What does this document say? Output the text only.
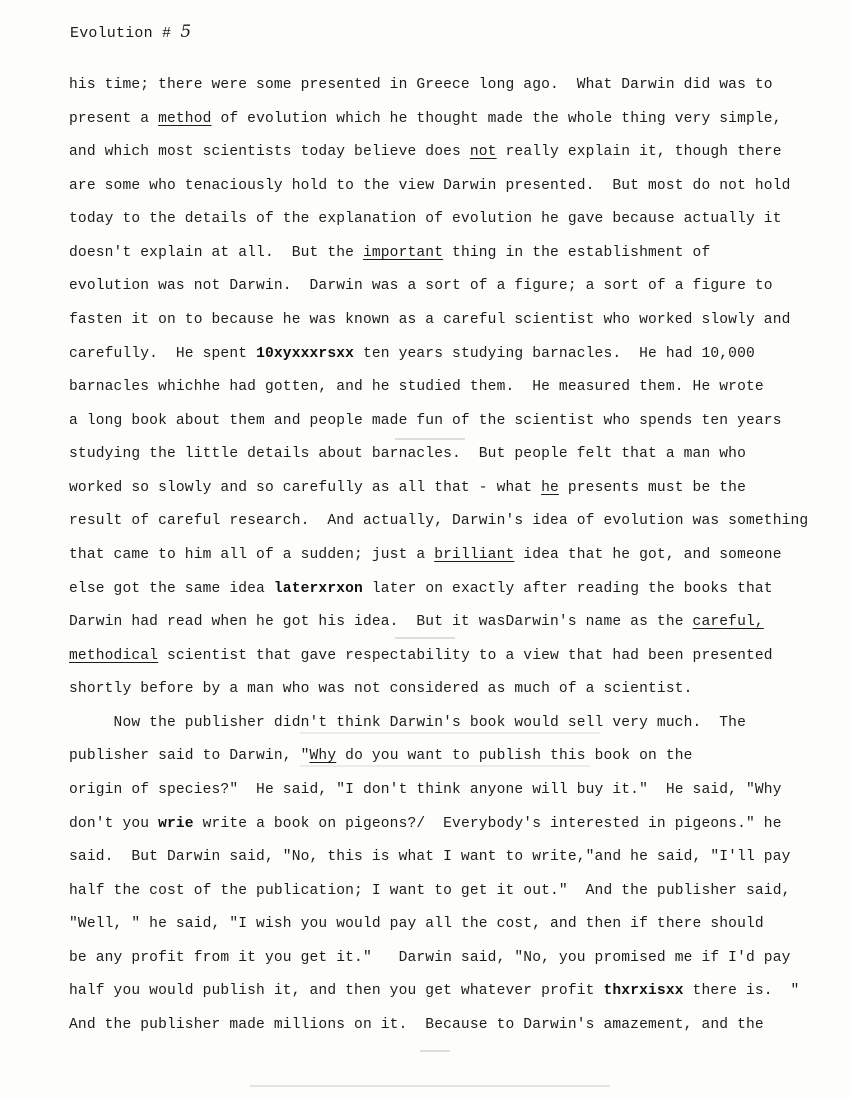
Evolution # 5
his time; there were some presented in Greece long ago.  What Darwin did was to
present a method of evolution which he thought made the whole thing very simple,
and which most scientists today believe does not really explain it, though there
are some who tenaciously hold to the view Darwin presented.  But most do not hold
today to the details of the explanation of evolution he gave because actually it
doesn't explain at all.  But the important thing in the establishment of
evolution was not Darwin.  Darwin was a sort of a figure; a sort of a figure to
fasten it on to because he was known as a careful scientist who worked slowly and
carefully.  He spent 10xyxxxrsxx ten years studying barnacles.  He had 10,000
barnacles whichhe had gotten, and he studied them.  He measured them. He wrote
a long book about them and people made fun of the scientist who spends ten years
studying the little details about barnacles.  But people felt that a man who
worked so slowly and so carefully as all that - what he presents must be the
result of careful research.  And actually, Darwin's idea of evolution was something
that came to him all of a sudden; just a brilliant idea that he got, and someone
else got the same idea laterxrxon later on exactly after reading the books that
Darwin had read when he got his idea.  But it wasDarwin's name as the careful,
methodical scientist that gave respectability to a view that had been presented
shortly before by a man who was not considered as much of a scientist.
Now the publisher didn't think Darwin's book would sell very much.  The
publisher said to Darwin, "Why do you want to publish this book on the
origin of species?"  He said, "I don't think anyone will buy it."  He said, "Why
don't you wrie write a book on pigeons?/  Everybody's interested in pigeons." he
said.  But Darwin said, "No, this is what I want to write,"and he said, "I'll pay
half the cost of the publication; I want to get it out."  And the publisher said,
"Well, " he said, "I wish you would pay all the cost, and then if there should
be any profit from it you get it."   Darwin said, "No, you promised me if I'd pay
half you would publish it, and then you get whatever profit thxrxisxx there is.  "
And the publisher made millions on it.  Because to Darwin's amazement, and the
